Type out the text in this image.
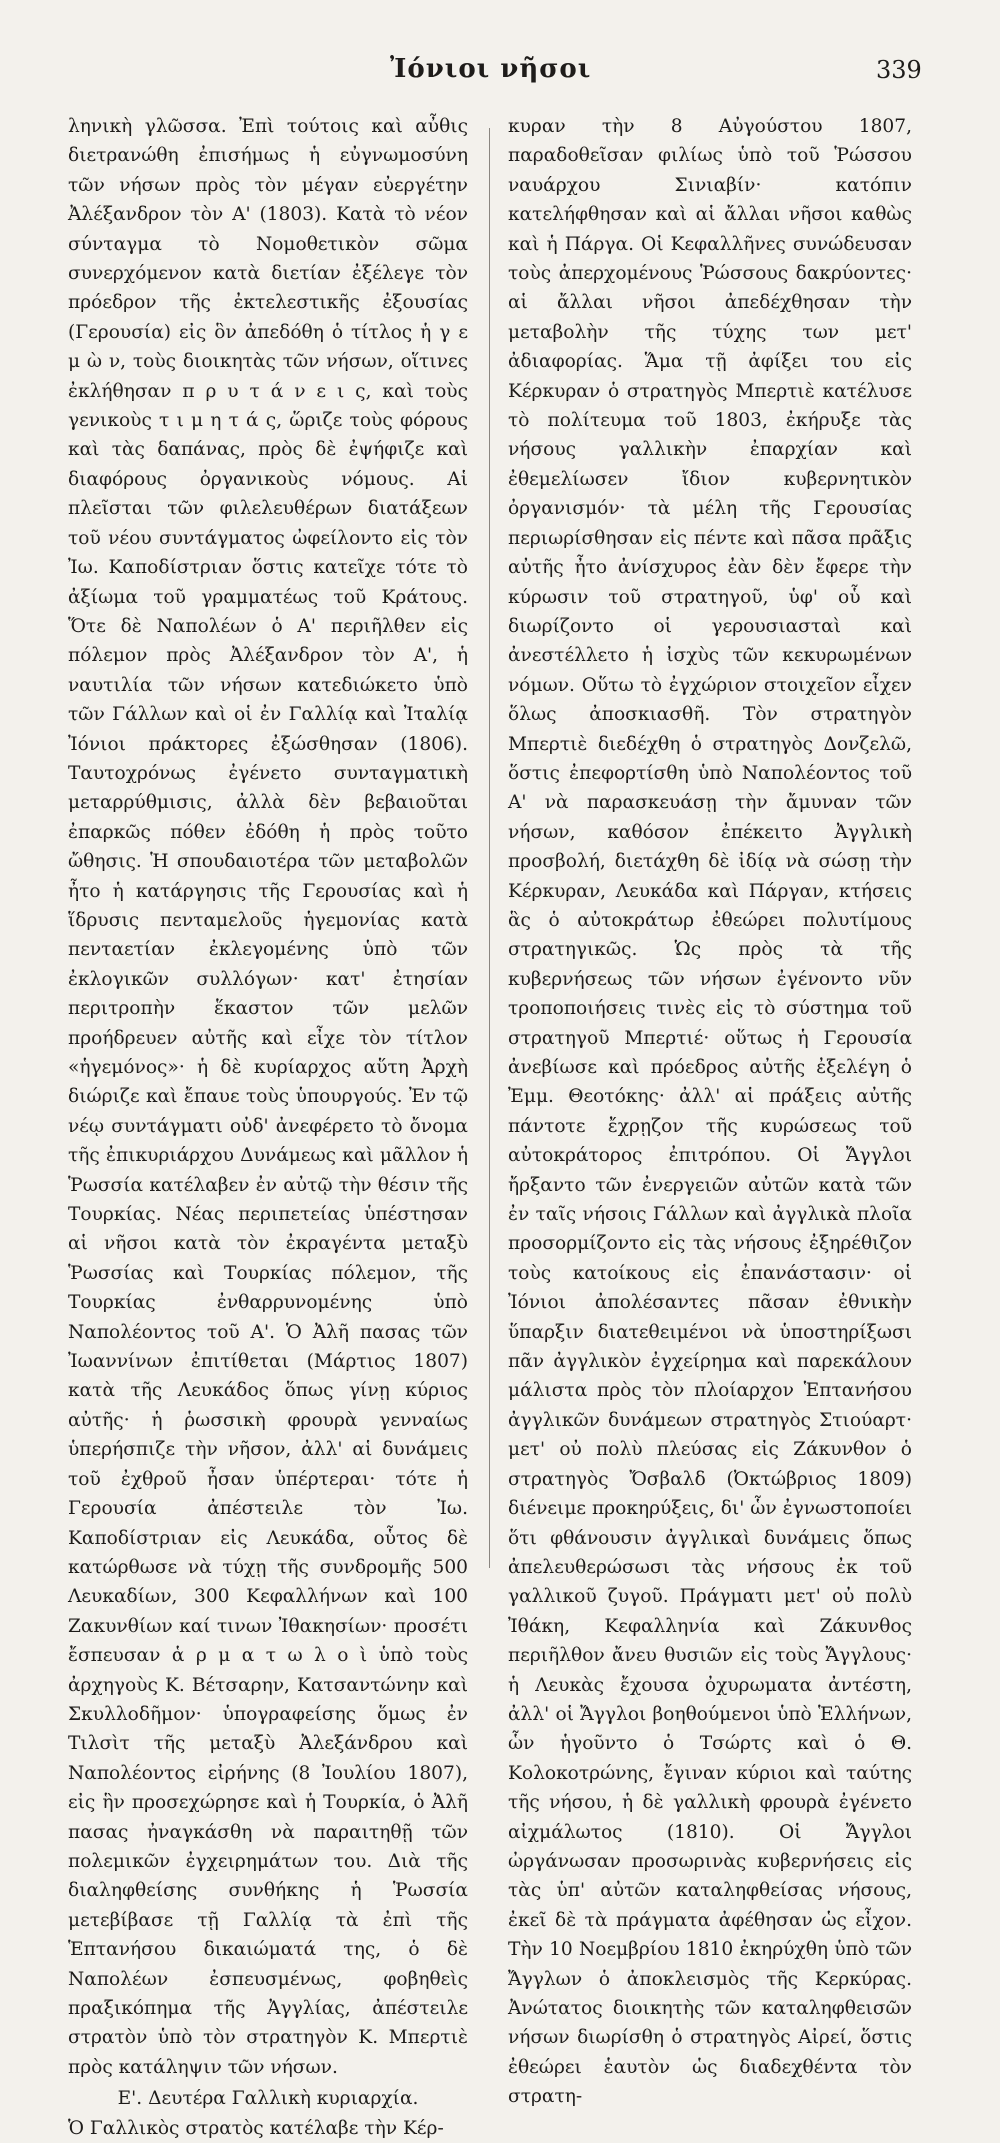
Ἰόνιοι νῆσοι	339

ληνικὴ γλῶσσα. Ἐπὶ τούτοις καὶ αὖθις διετρανώθη ἐπισήμως ἡ εὐγνωμοσύνη τῶν νήσων πρὸς τὸν μέγαν εὐεργέτην Ἀλέξανδρον τὸν Α' (1803). Κατὰ τὸ νέον σύνταγμα τὸ Νομοθετικὸν σῶμα συνερχόμενον κατὰ διετίαν ἐξέλεγε τὸν πρόεδρον τῆς ἐκτελεστικῆς ἐξουσίας (Γερουσία) εἰς ὃν ἀπεδόθη ὁ τίτλος ἡ γ ε μ ὼ ν, τοὺς διοικητὰς τῶν νήσων, οἵτινες ἐκλήθησαν π ρ υ τ ά ν ε ι ς, καὶ τοὺς γενικοὺς τ ι μ η τ ά ς, ὥριζε τοὺς φόρους καὶ τὰς δαπάνας, πρὸς δὲ ἐψήφιζε καὶ διαφόρους ὀργανικοὺς νόμους. Αἱ πλεῖσται τῶν φιλελευθέρων διατάξεων τοῦ νέου συντάγματος ὠφείλοντο εἰς τὸν Ἰω. Καποδίστριαν ὅστις κατεῖχε τότε τὸ ἀξίωμα τοῦ γραμματέως τοῦ Κράτους. Ὅτε δὲ Ναπολέων ὁ Α' περιῆλθεν εἰς πόλεμον πρὸς Ἀλέξανδρον τὸν Α', ἡ ναυτιλία τῶν νήσων κατεδιώκετο ὑπὸ τῶν Γάλλων καὶ οἱ ἐν Γαλλίᾳ καὶ Ἰταλίᾳ Ἰόνιοι πράκτορες ἐξώσθησαν (1806). Ταυτοχρόνως ἐγένετο συνταγματικὴ μεταρρύθμισις, ἀλλὰ δὲν βεβαιοῦται ἐπαρκῶς πόθεν ἐδόθη ἡ πρὸς τοῦτο ὤθησις. Ἡ σπουδαιοτέρα τῶν μεταβολῶν ἦτο ἡ κατάργησις τῆς Γερουσίας καὶ ἡ ἵδρυσις πενταμελοῦς ἡγεμονίας κατὰ πενταετίαν ἐκλεγομένης ὑπὸ τῶν ἐκλογικῶν συλλόγων· κατ' ἐτησίαν περιτροπὴν ἕκαστον τῶν μελῶν προήδρευεν αὐτῆς καὶ εἶχε τὸν τίτλον «ἡγεμόνος»· ἡ δὲ κυρίαρχος αὕτη Ἀρχὴ διώριζε καὶ ἔπαυε τοὺς ὑπουργούς. Ἐν τῷ νέῳ συντάγματι οὐδ' ἀνεφέρετο τὸ ὄνομα τῆς ἐπικυριάρχου Δυνάμεως καὶ μᾶλλον ἡ Ῥωσσία κατέλαβεν ἐν αὐτῷ τὴν θέσιν τῆς Τουρκίας. Νέας περιπετείας ὑπέστησαν αἱ νῆσοι κατὰ τὸν ἐκραγέντα μεταξὺ Ῥωσσίας καὶ Τουρκίας πόλεμον, τῆς Τουρκίας ἐνθαρρυνομένης ὑπὸ Ναπολέοντος τοῦ Α'. Ὁ Ἀλῆ πασας τῶν Ἰωαννίνων ἐπιτίθεται (Μάρτιος 1807) κατὰ τῆς Λευκάδος ὅπως γίνῃ κύριος αὐτῆς· ἡ ῥωσσικὴ φρουρὰ γενναίως ὑπερήσπιζε τὴν νῆσον, ἀλλ' αἱ δυνάμεις τοῦ ἐχθροῦ ἦσαν ὑπέρτεραι· τότε ἡ Γερουσία ἀπέστειλε τὸν Ἰω. Καποδίστριαν εἰς Λευκάδα, οὗτος δὲ κατώρθωσε νὰ τύχῃ τῆς συνδρομῆς 500 Λευκαδίων, 300 Κεφαλλήνων καὶ 100 Ζακυνθίων καί τινων Ἰθακησίων· προσέτι ἔσπευσαν ἁ ρ μ α τ ω λ ο ὶ ὑπὸ τοὺς ἀρχηγοὺς Κ. Βέτσαρην, Κατσαντώνην καὶ Σκυλλοδῆμον· ὑπογραφείσης ὅμως ἐν Τιλσὶτ τῆς μεταξὺ Ἀλεξάνδρου καὶ Ναπολέοντος εἰρήνης (8 Ἰουλίου 1807), εἰς ἣν προσεχώρησε καὶ ἡ Τουρκία, ὁ Ἀλῆ πασας ἠναγκάσθη νὰ παραιτηθῇ τῶν πολεμικῶν ἐγχειρημάτων του. Διὰ τῆς διαληφθείσης συνθήκης ἡ Ῥωσσία μετεβίβασε τῇ Γαλλίᾳ τὰ ἐπὶ τῆς Ἑπτανήσου δικαιώματά της, ὁ δὲ Ναπολέων ἐσπευσμένως, φοβηθεὶς πραξικόπημα τῆς Ἀγγλίας, ἀπέστειλε στρατὸν ὑπὸ τὸν στρατηγὸν Κ. Μπερτιὲ πρὸς κατάληψιν τῶν νήσων.

Ε'. Δευτέρα Γαλλικὴ κυριαρχία.

Ὁ Γαλλικὸς στρατὸς κατέλαβε τὴν Κέρ-

κυραν τὴν 8 Αὐγούστου 1807, παραδοθεῖσαν φιλίως ὑπὸ τοῦ Ῥώσσου ναυάρχου Σινιαβίν· κατόπιν κατελήφθησαν καὶ αἱ ἄλλαι νῆσοι καθὼς καὶ ἡ Πάργα. Οἱ Κεφαλλῆνες συνώδευσαν τοὺς ἀπερχομένους Ῥώσσους δακρύοντες· αἱ ἄλλαι νῆσοι ἀπεδέχθησαν τὴν μεταβολὴν τῆς τύχης των μετ' ἀδιαφορίας. Ἅμα τῇ ἀφίξει του εἰς Κέρκυραν ὁ στρατηγὸς Μπερτιὲ κατέλυσε τὸ πολίτευμα τοῦ 1803, ἐκήρυξε τὰς νήσους γαλλικὴν ἐπαρχίαν καὶ ἐθεμελίωσεν ἴδιον κυβερνητικὸν ὀργανισμόν· τὰ μέλη τῆς Γερουσίας περιωρίσθησαν εἰς πέντε καὶ πᾶσα πρᾶξις αὐτῆς ἦτο ἀνίσχυρος ἐὰν δὲν ἔφερε τὴν κύρωσιν τοῦ στρατηγοῦ, ὑφ' οὗ καὶ διωρίζοντο οἱ γερουσιασταὶ καὶ ἀνεστέλλετο ἡ ἰσχὺς τῶν κεκυρωμένων νόμων. Οὕτω τὸ ἐγχώριον στοιχεῖον εἶχεν ὅλως ἀποσκιασθῆ. Τὸν στρατηγὸν Μπερτιὲ διεδέχθη ὁ στρατηγὸς Δονζελῶ, ὅστις ἐπεφορτίσθη ὑπὸ Ναπολέοντος τοῦ Α' νὰ παρασκευάσῃ τὴν ἄμυναν τῶν νήσων, καθόσον ἐπέκειτο Ἀγγλικὴ προσβολή, διετάχθη δὲ ἰδίᾳ νὰ σώσῃ τὴν Κέρκυραν, Λευκάδα καὶ Πάργαν, κτήσεις ἃς ὁ αὐτοκράτωρ ἐθεώρει πολυτίμους στρατηγικῶς. Ὡς πρὸς τὰ τῆς κυβερνήσεως τῶν νήσων ἐγένοντο νῦν τροποποιήσεις τινὲς εἰς τὸ σύστημα τοῦ στρατηγοῦ Μπερτιέ· οὕτως ἡ Γερουσία ἀνεβίωσε καὶ πρόεδρος αὐτῆς ἐξελέγη ὁ Ἐμμ. Θεοτόκης· ἀλλ' αἱ πράξεις αὐτῆς πάντοτε ἔχρῃζον τῆς κυρώσεως τοῦ αὐτοκράτορος ἐπιτρόπου. Οἱ Ἄγγλοι ἤρξαντο τῶν ἐνεργειῶν αὐτῶν κατὰ τῶν ἐν ταῖς νήσοις Γάλλων καὶ ἀγγλικὰ πλοῖα προσορμίζοντο εἰς τὰς νήσους ἐξηρέθιζον τοὺς κατοίκους εἰς ἐπανάστασιν· οἱ Ἰόνιοι ἀπολέσαντες πᾶσαν ἐθνικὴν ὕπαρξιν διατεθειμένοι νὰ ὑποστηρίξωσι πᾶν ἀγγλικὸν ἐγχείρημα καὶ παρεκάλουν μάλιστα πρὸς τὸν πλοίαρχον Ἑπτανήσου ἀγγλικῶν δυνάμεων στρατηγὸς Στιούαρτ· μετ' οὐ πολὺ πλεύσας εἰς Ζάκυνθον ὁ στρατηγὸς Ὄσβαλδ (Ὀκτώβριος 1809) διένειμε προκηρύξεις, δι' ὧν ἐγνωστοποίει ὅτι φθάνουσιν ἀγγλικαὶ δυνάμεις ὅπως ἀπελευθερώσωσι τὰς νήσους ἐκ τοῦ γαλλικοῦ ζυγοῦ. Πράγματι μετ' οὐ πολὺ Ἰθάκη, Κεφαλληνία καὶ Ζάκυνθος περιῆλθον ἄνευ θυσιῶν εἰς τοὺς Ἄγγλους· ἡ Λευκὰς ἔχουσα ὀχυρωματα ἀντέστη, ἀλλ' οἱ Ἄγγλοι βοηθούμενοι ὑπὸ Ἑλλήνων, ὧν ἡγοῦντο ὁ Τσώρτς καὶ ὁ Θ. Κολοκοτρώνης, ἔγιναν κύριοι καὶ ταύτης τῆς νήσου, ἡ δὲ γαλλικὴ φρουρὰ ἐγένετο αἰχμάλωτος (1810). Οἱ Ἄγγλοι ὠργάνωσαν προσωρινὰς κυβερνήσεις εἰς τὰς ὑπ' αὐτῶν καταληφθείσας νήσους, ἐκεῖ δὲ τὰ πράγματα ἀφέθησαν ὡς εἶχον. Τὴν 10 Νοεμβρίου 1810 ἐκηρύχθη ὑπὸ τῶν Ἄγγλων ὁ ἀποκλεισμὸς τῆς Κερκύρας. Ἀνώτατος διοικητὴς τῶν καταληφθεισῶν νήσων διωρίσθη ὁ στρατηγὸς Αἰρεί, ὅστις ἐθεώρει ἑαυτὸν ὡς διαδεχθέντα τὸν στρατη-
